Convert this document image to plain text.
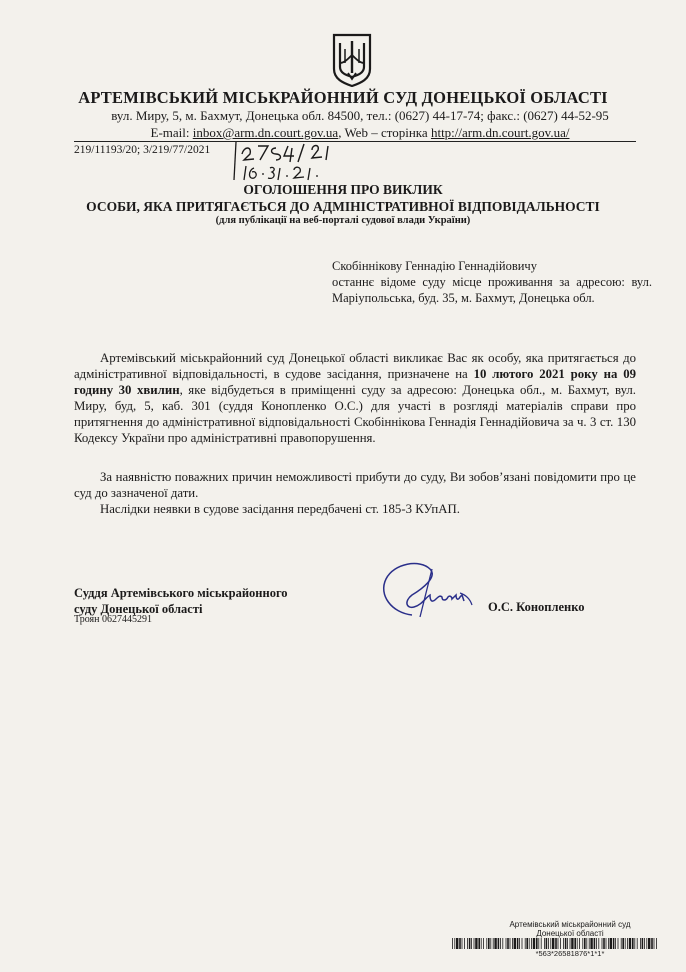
АРТЕМІВСЬКИЙ МІСЬКРАЙОННИЙ СУД ДОНЕЦЬКОЇ ОБЛАСТІ
вул. Миру, 5, м. Бахмут, Донецька обл. 84500, тел.: (0627) 44-17-74; факс.: (0627) 44-52-95
E-mail: inbox@arm.dn.court.gov.ua, Web – сторінка http://arm.dn.court.gov.ua/
219/11193/20; 3/219/77/2021
ОГОЛОШЕННЯ ПРО ВИКЛИК
ОСОБИ, ЯКА ПРИТЯГАЄТЬСЯ ДО АДМІНІСТРАТИВНОЇ ВІДПОВІДАЛЬНОСТІ
(для публікації на веб-порталі судової влади України)
Скобіннікову Геннадію Геннадійовичу
останнє відоме суду місце проживання за адресою: вул. Маріупольська, буд. 35, м. Бахмут, Донецька обл.
Артемівський міськрайонний суд Донецької області викликає Вас як особу, яка притягається до адміністративної відповідальності, в судове засідання, призначене на 10 лютого 2021 року на 09 годину 30 хвилин, яке відбудеться в приміщенні суду за адресою: Донецька обл., м. Бахмут, вул. Миру, буд, 5, каб. 301 (суддя Конопленко О.С.) для участі в розгляді матеріалів справи про притягнення до адміністративної відповідальності Скобіннікова Геннадія Геннадійовича за ч. 3 ст. 130 Кодексу України про адміністративні правопорушення.
За наявністю поважних причин неможливості прибути до суду, Ви зобов’язані повідомити про це суд до зазначеної дати.
Наслідки неявки в судове засідання передбачені ст. 185-3 КУпАП.
Суддя Артемівського міськрайонного
суду Донецької області
Троян 0627445291
О.С. Конопленко
Артемівський міськрайонний суд
Донецької області
*563*26581876*1*1*
